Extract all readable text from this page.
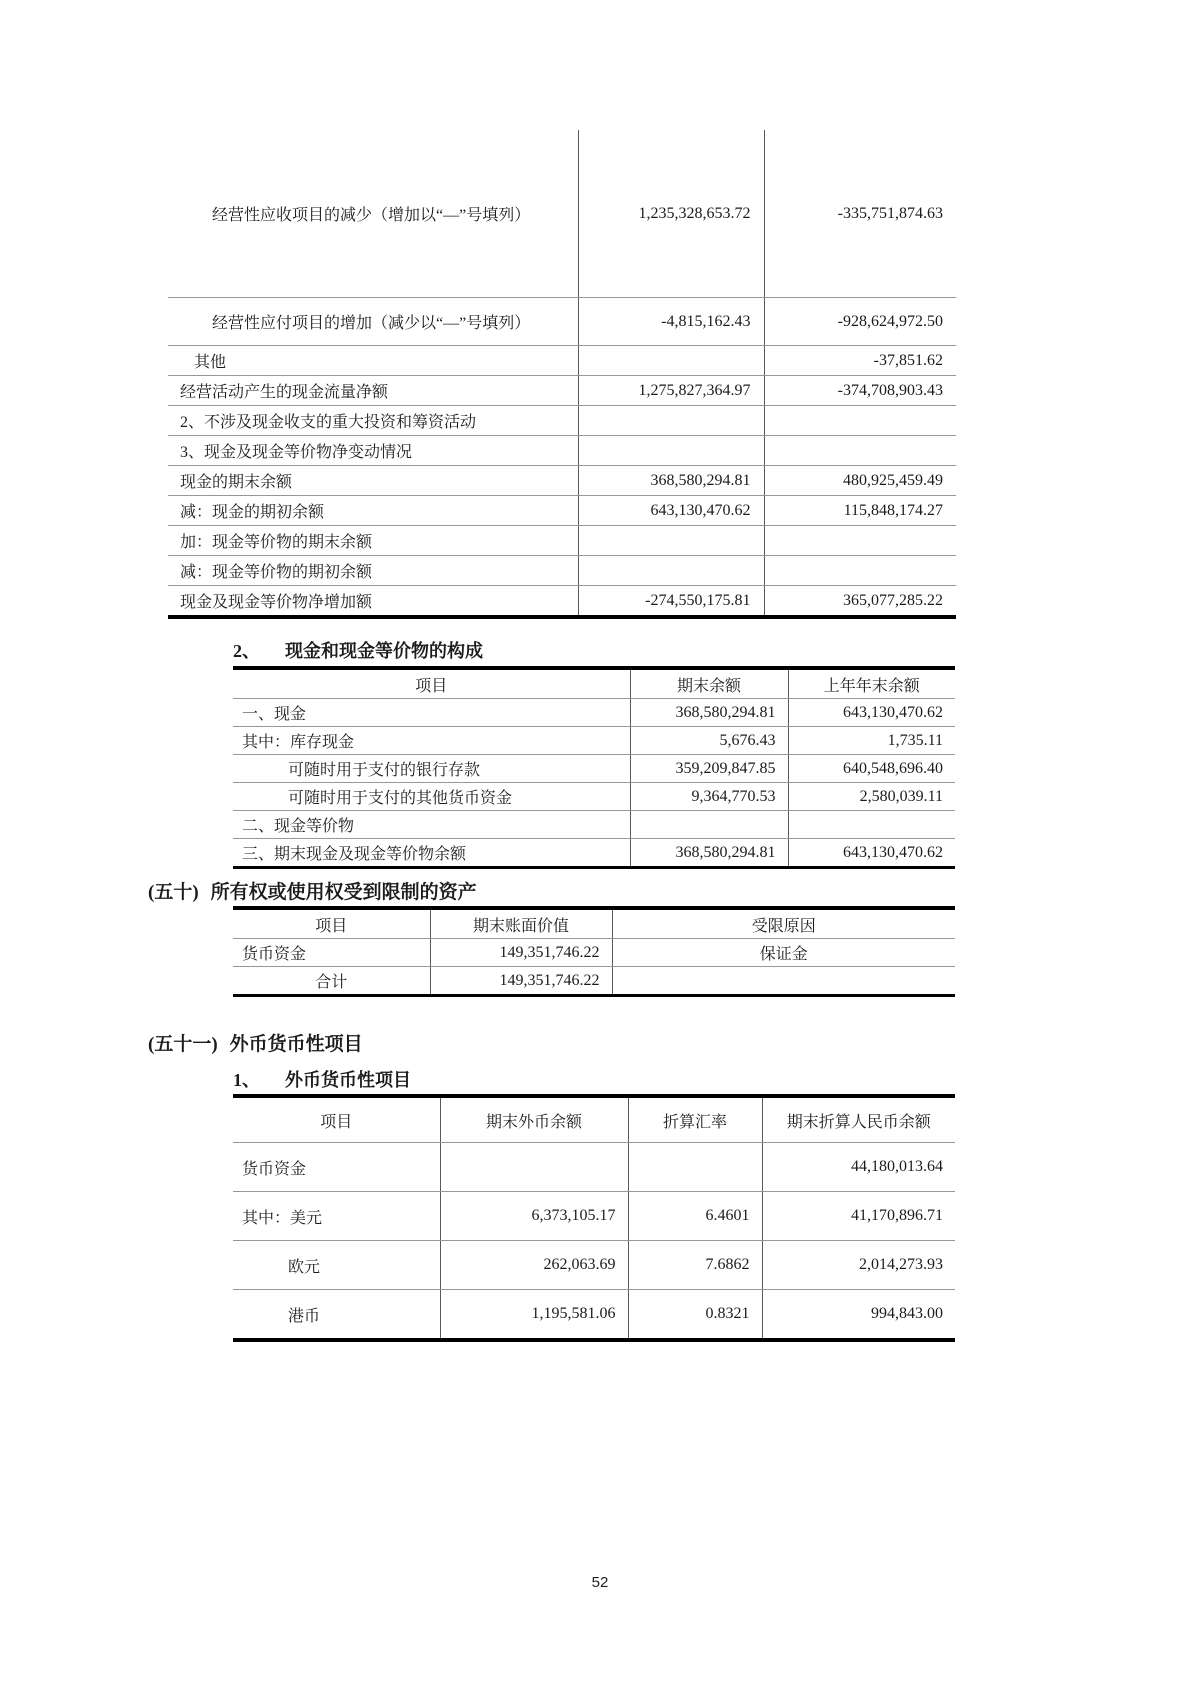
经营性应收项目的减少（增加以“—”号填列）	1,235,328,653.72	-335,751,874.63
经营性应付项目的增加（减少以“—”号填列）	-4,815,162.43	-928,624,972.50
其他		-37,851.62
经营活动产生的现金流量净额	1,275,827,364.97	-374,708,903.43
2、不涉及现金收支的重大投资和筹资活动		
3、现金及现金等价物净变动情况		
现金的期末余额	368,580,294.81	480,925,459.49
减：现金的期初余额	643,130,470.62	115,848,174.27
加：现金等价物的期末余额		
减：现金等价物的期初余额		
现金及现金等价物净增加额	-274,550,175.81	365,077,285.22
2、 现金和现金等价物的构成
项目	期末余额	上年年末余额
一、现金	368,580,294.81	643,130,470.62
其中：库存现金	5,676.43	1,735.11
可随时用于支付的银行存款	359,209,847.85	640,548,696.40
可随时用于支付的其他货币资金	9,364,770.53	2,580,039.11
二、现金等价物		
三、期末现金及现金等价物余额	368,580,294.81	643,130,470.62
(五十) 所有权或使用权受到限制的资产
项目	期末账面价值	受限原因
货币资金	149,351,746.22	保证金
合计	149,351,746.22	
(五十一) 外币货币性项目
1、 外币货币性项目
项目	期末外币余额	折算汇率	期末折算人民币余额
货币资金			44,180,013.64
其中：美元	6,373,105.17	6.4601	41,170,896.71
欧元	262,063.69	7.6862	2,014,273.93
港币	1,195,581.06	0.8321	994,843.00
52
